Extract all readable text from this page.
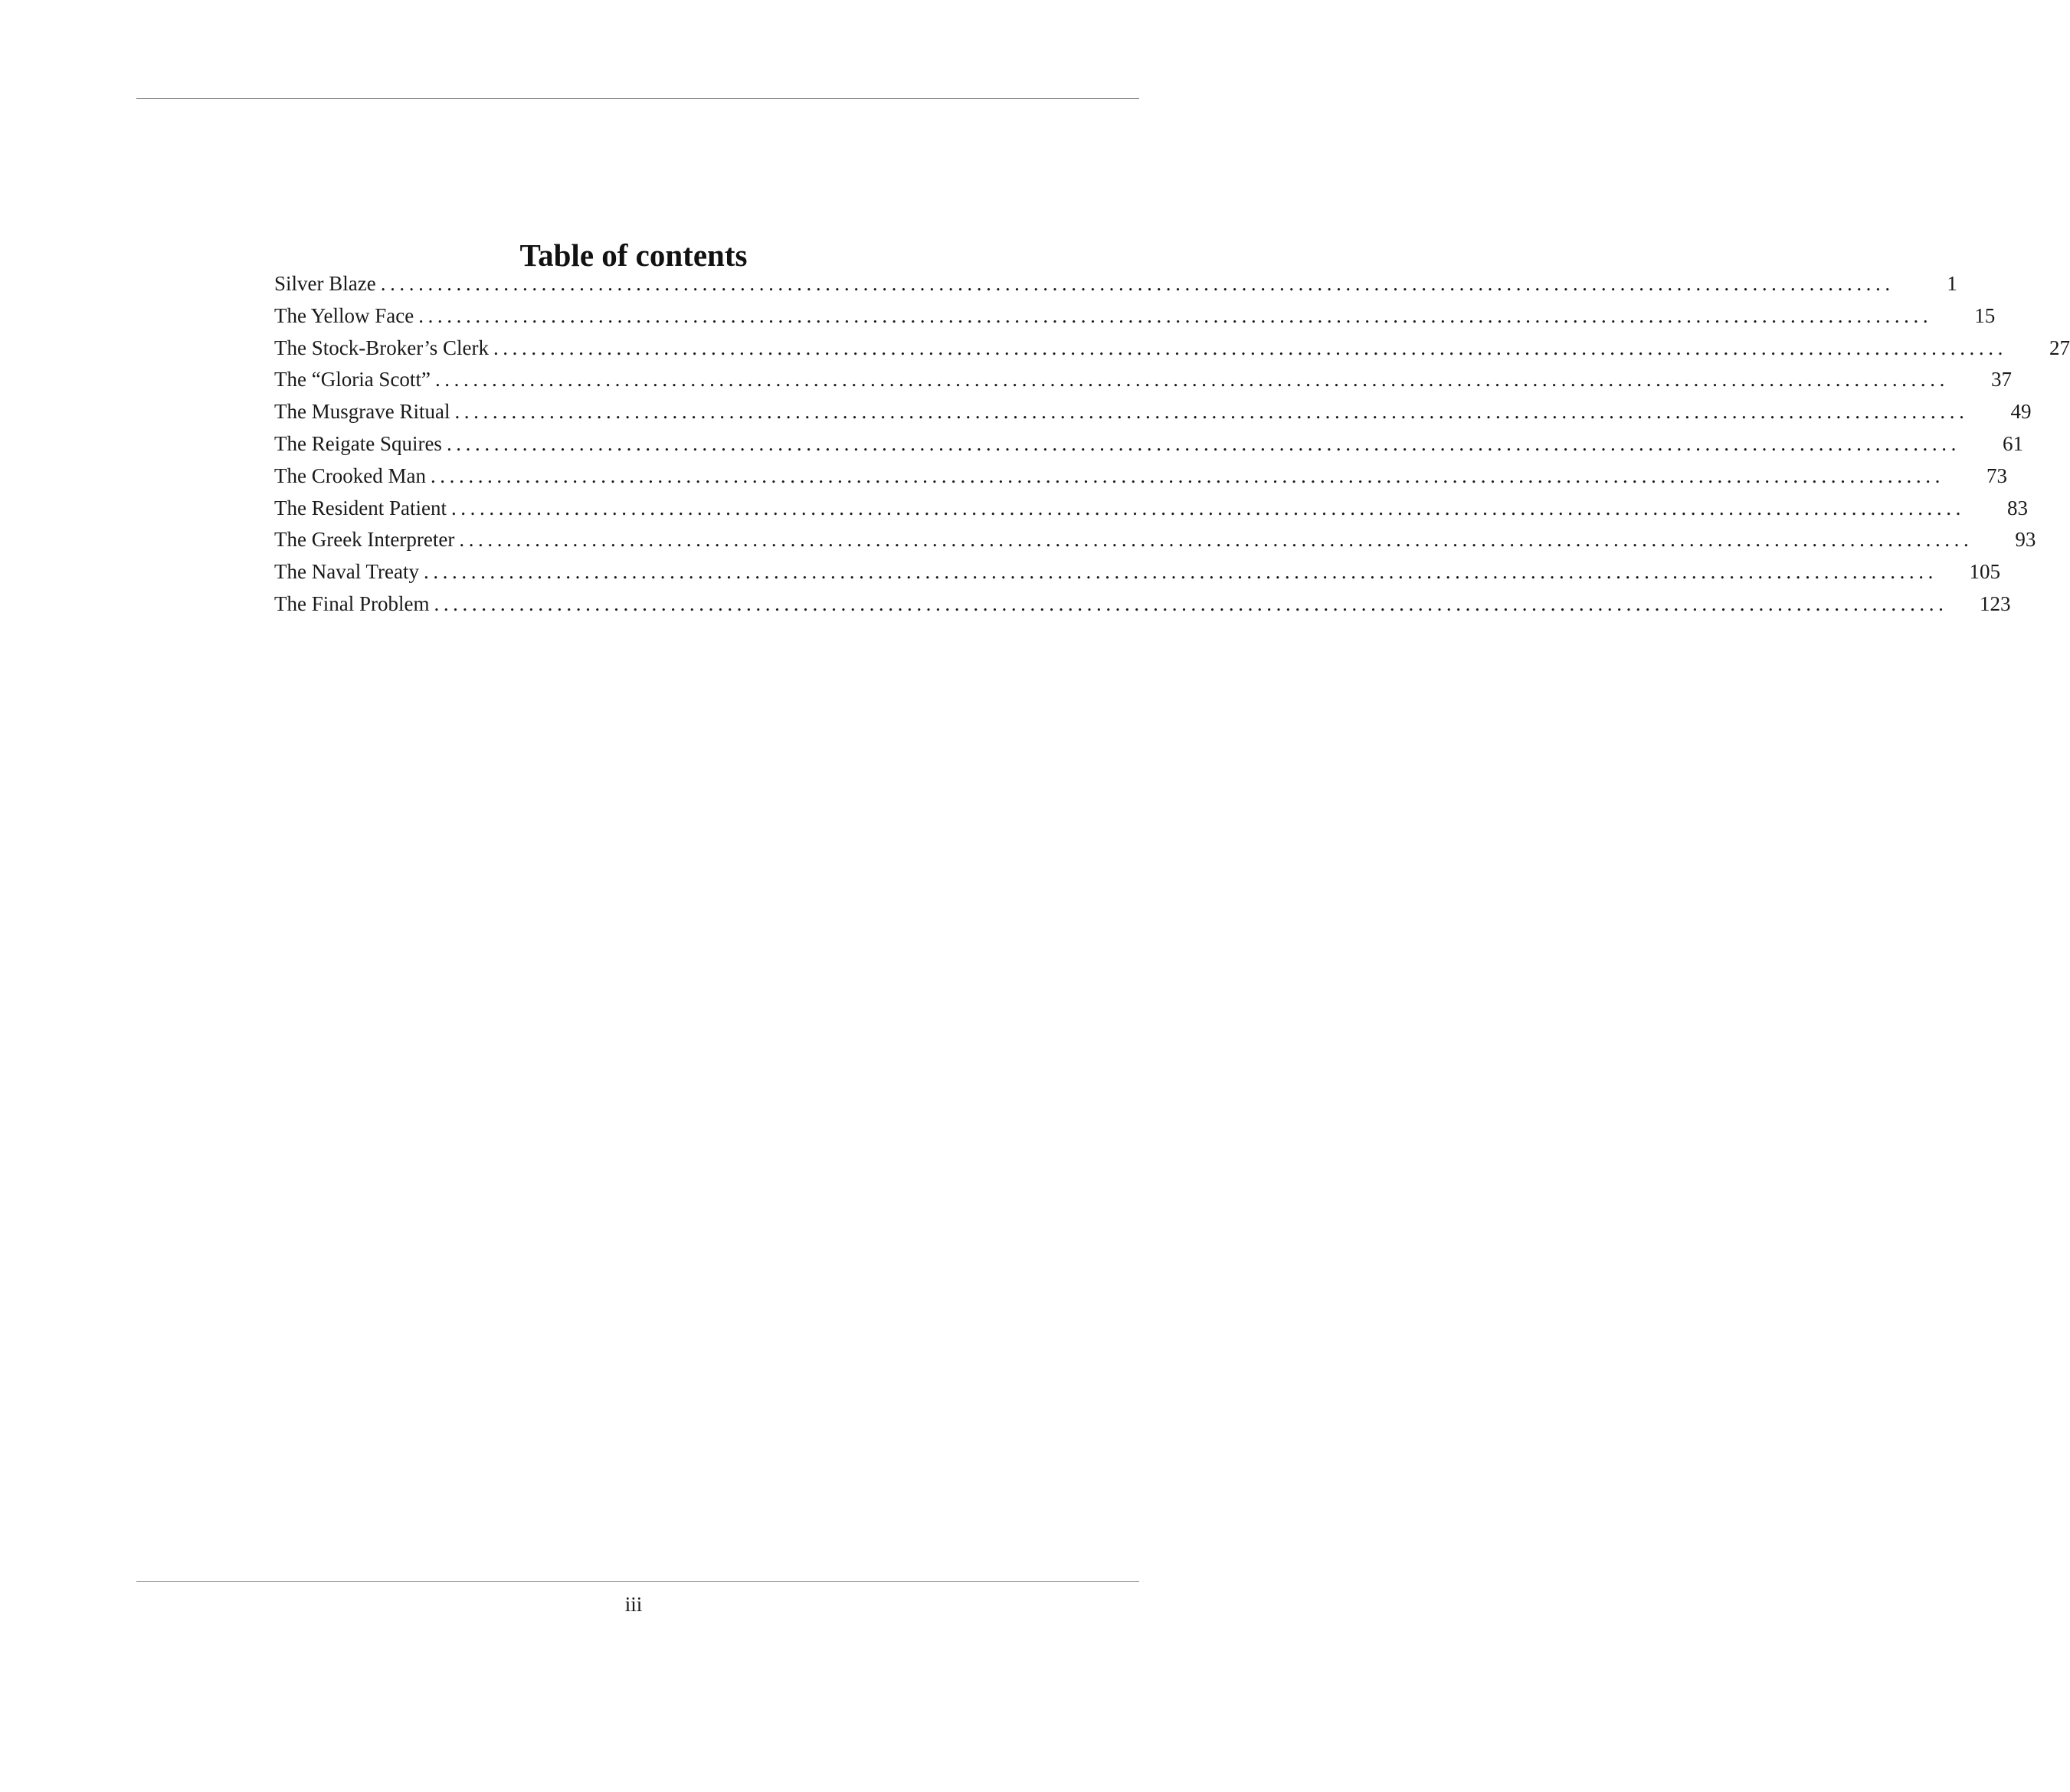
Table of contents
Silver Blaze ................................................................................................................................................................	1
The Yellow Face ................................................................................................................................................................	15
The Stock-Broker’s Clerk ................................................................................................................................................................	27
The “Gloria Scott” ................................................................................................................................................................	37
The Musgrave Ritual ................................................................................................................................................................	49
The Reigate Squires ................................................................................................................................................................	61
The Crooked Man ................................................................................................................................................................	73
The Resident Patient ................................................................................................................................................................	83
The Greek Interpreter ................................................................................................................................................................	93
The Naval Treaty ................................................................................................................................................................	105
The Final Problem ................................................................................................................................................................	123
iii
